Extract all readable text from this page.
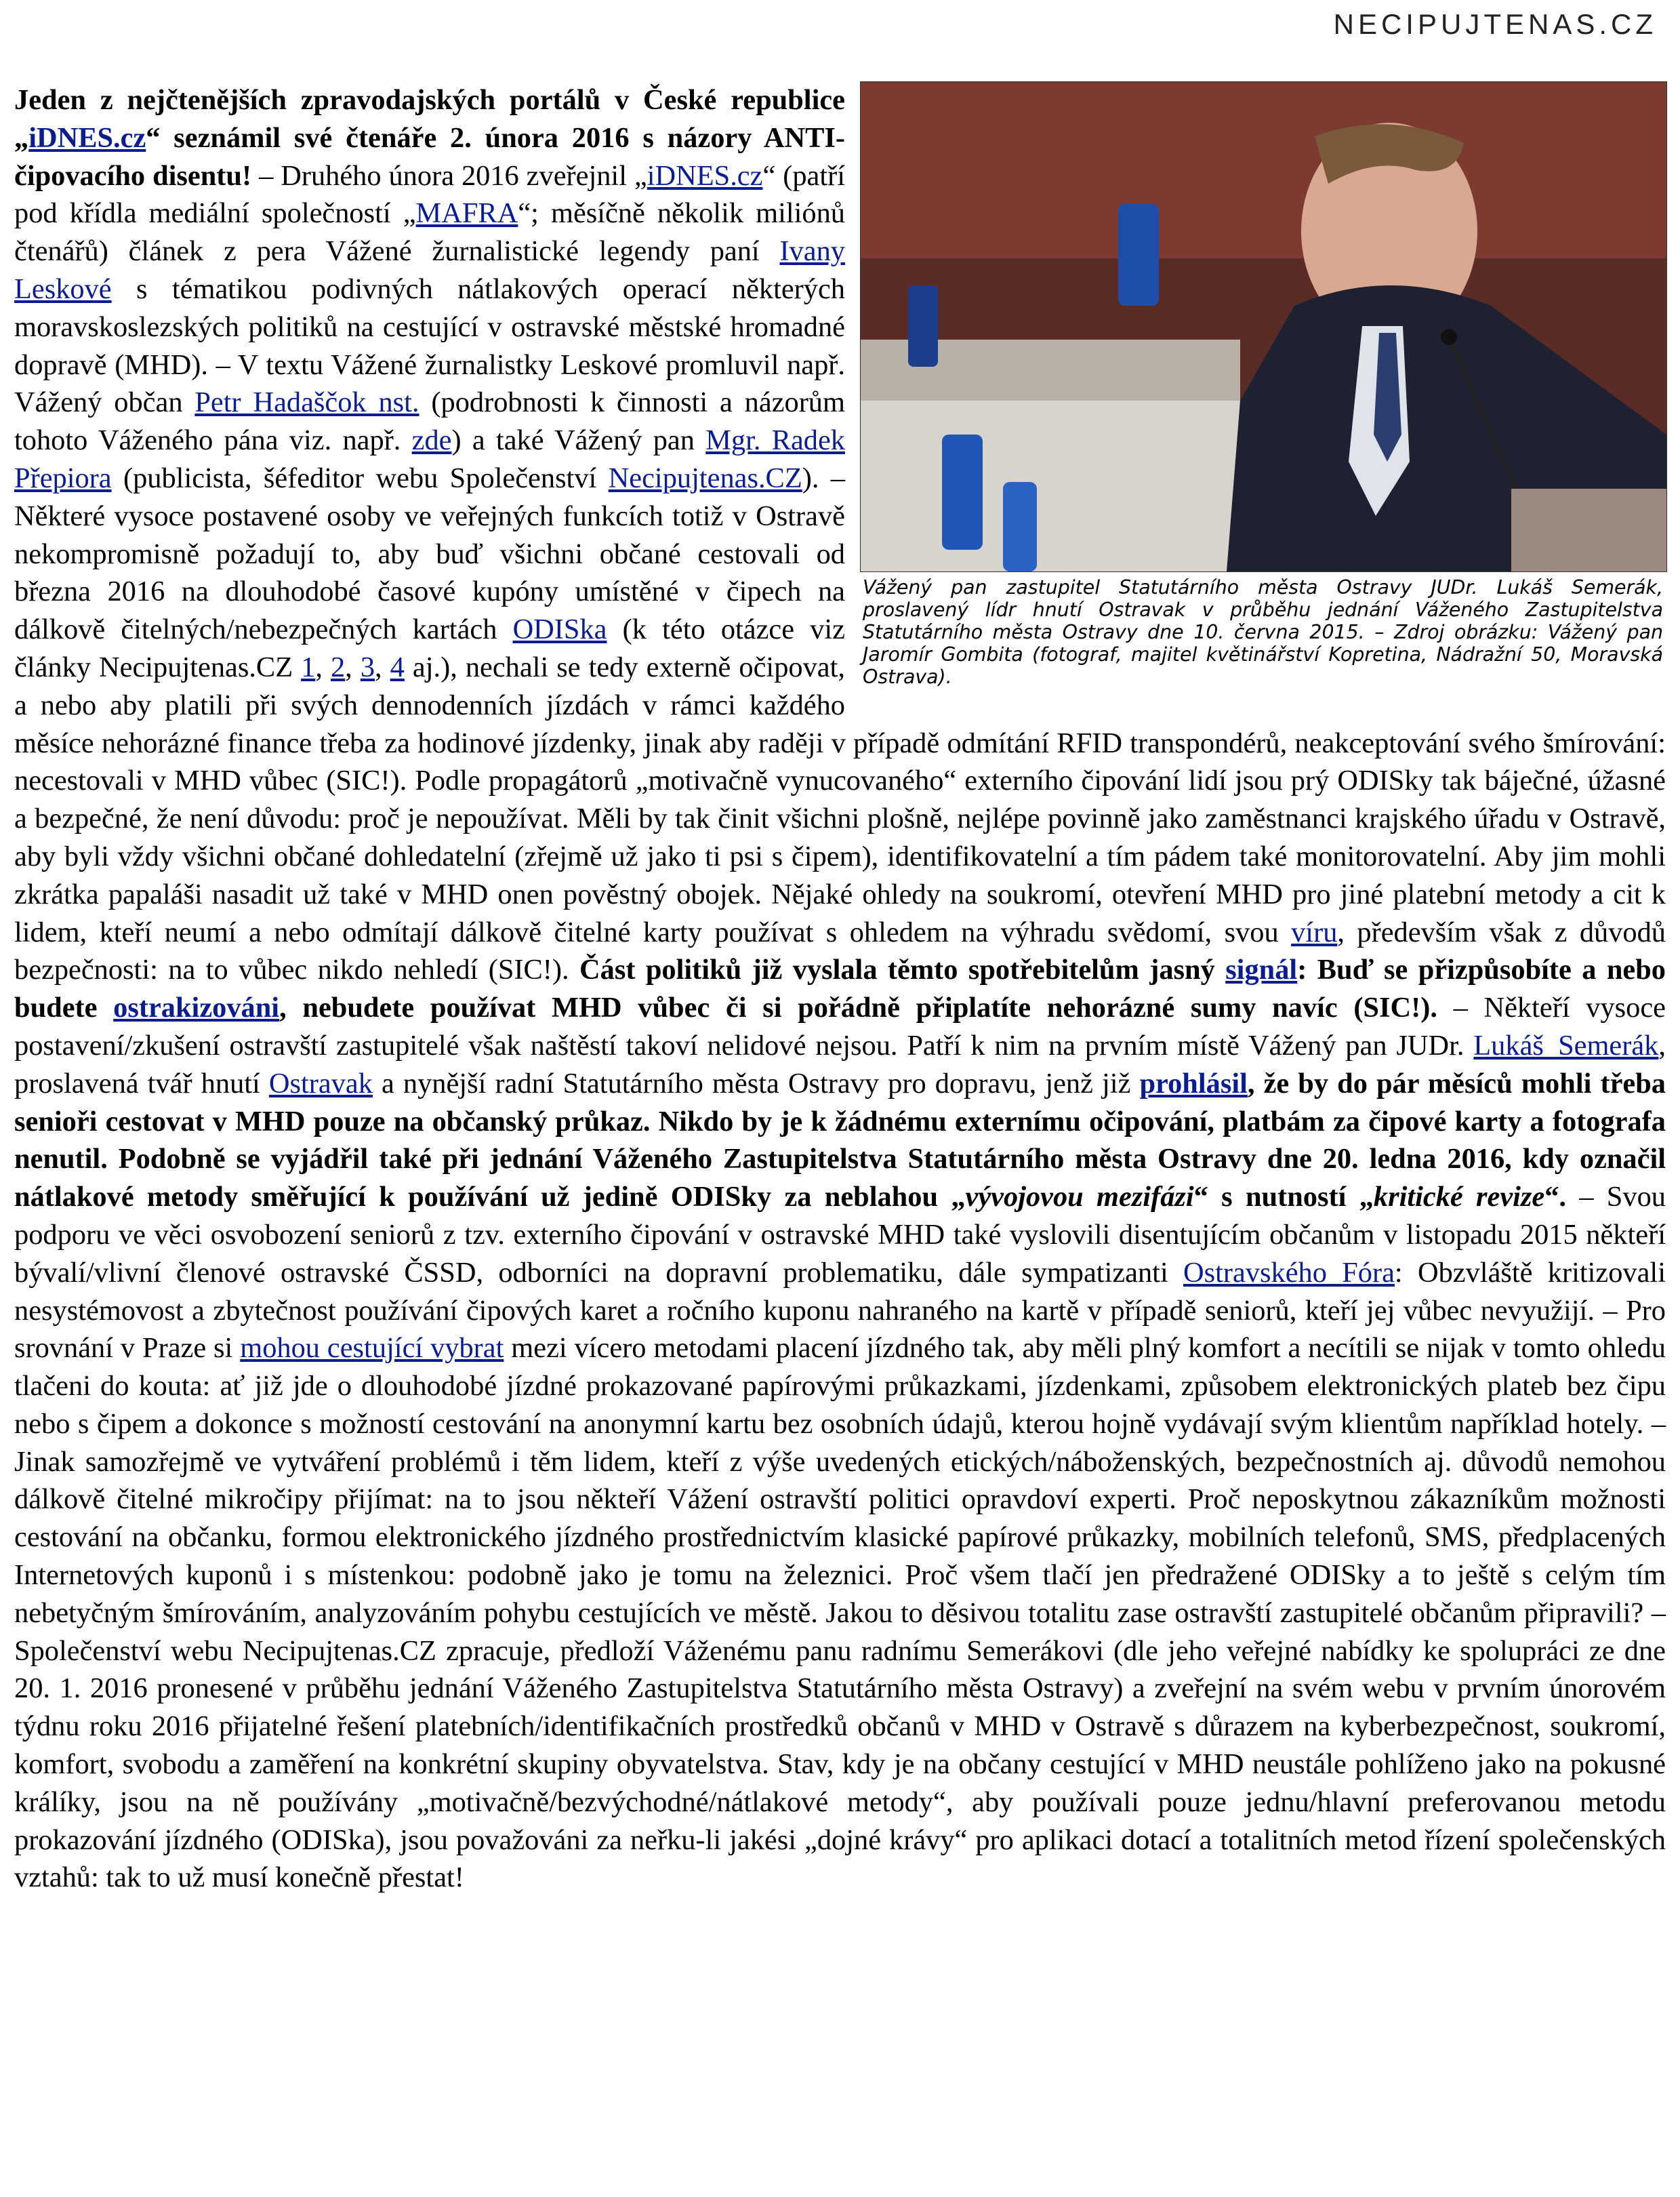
NECIPUJTENAS.CZ
Vážený pan zastupitel Statutárního města Ostravy JUDr. Lukáš Semerák, proslavený lídr hnutí Ostravak v průběhu jednání Váženého Zastupitelstva Statutárního města Ostravy dne 10. června 2015. – Zdroj obrázku: Vážený pan Jaromír Gombita (fotograf, majitel květinářství Kopretina, Nádražní 50, Moravská Ostrava).
Jeden z nejčtenějších zpravodajských portálů v České republice „iDNES.cz“ seznámil své čtenáře 2. února 2016 s názory ANTI-čipovacího disentu! – Druhého února 2016 zveřejnil „iDNES.cz“ (patří pod křídla mediální společností „MAFRA“; měsíčně několik miliónů čtenářů) článek z pera Vážené žurnalistické legendy paní Ivany Leskové s tématikou podivných nátlakových operací některých moravskoslezských politiků na cestující v ostravské městské hromadné dopravě (MHD). – V textu Vážené žurnalistky Leskové promluvil např. Vážený občan Petr Hadaščok nst. (podrobnosti k činnosti a názorům tohoto Váženého pána viz. např. zde) a také Vážený pan Mgr. Radek Přepiora (publicista, šéfeditor webu Společenství Necipujtenas.CZ). – Některé vysoce postavené osoby ve veřejných funkcích totiž v Ostravě nekompromisně požadují to, aby buď všichni občané cestovali od března 2016 na dlouhodobé časové kupóny umístěné v čipech na dálkově čitelných/nebezpečných kartách ODISka (k této otázce viz články Necipujtenas.CZ 1, 2, 3, 4 aj.), nechali se tedy externě očipovat, a nebo aby platili při svých dennodenních jízdách v rámci každého měsíce nehorázné finance třeba za hodinové jízdenky, jinak aby raději v případě odmítání RFID transpondérů, neakceptování svého šmírování: necestovali v MHD vůbec (SIC!). Podle propagátorů „motivačně vynucovaného“ externího čipování lidí jsou prý ODISky tak báječné, úžasné a bezpečné, že není důvodu: proč je nepoužívat. Měli by tak činit všichni plošně, nejlépe povinně jako zaměstnanci krajského úřadu v Ostravě, aby byli vždy všichni občané dohledatelní (zřejmě už jako ti psi s čipem), identifikovatelní a tím pádem také monitorovatelní. Aby jim mohli zkrátka papaláši nasadit už také v MHD onen pověstný obojek. Nějaké ohledy na soukromí, otevření MHD pro jiné platební metody a cit k lidem, kteří neumí a nebo odmítají dálkově čitelné karty používat s ohledem na výhradu svědomí, svou víru, především však z důvodů bezpečnosti: na to vůbec nikdo nehledí (SIC!). Část politiků již vyslala těmto spotřebitelům jasný signál: Buď se přizpůsobíte a nebo budete ostrakizováni, nebudete používat MHD vůbec či si pořádně připlatíte nehorázné sumy navíc (SIC!). – Někteří vysoce postavení/zkušení ostravští zastupitelé však naštěstí takoví nelidové nejsou. Patří k nim na prvním místě Vážený pan JUDr. Lukáš_Semerák, proslavená tvář hnutí Ostravak a nynější radní Statutárního města Ostravy pro dopravu, jenž již prohlásil, že by do pár měsíců mohli třeba senioři cestovat v MHD pouze na občanský průkaz. Nikdo by je k žádnému externímu očipování, platbám za čipové karty a fotografa nenutil. Podobně se vyjádřil také při jednání Váženého Zastupitelstva Statutárního města Ostravy dne 20. ledna 2016, kdy označil nátlakové metody směřující k používání už jedině ODISky za neblahou „vývojovou mezifázi“ s nutností „kritické revize“. – Svou podporu ve věci osvobození seniorů z tzv. externího čipování v ostravské MHD také vyslovili disentujícím občanům v listopadu 2015 někteří bývalí/vlivní členové ostravské ČSSD, odborníci na dopravní problematiku, dále sympatizanti Ostravského Fóra: Obzvláště kritizovali nesystémovost a zbytečnost používání čipových karet a ročního kuponu nahraného na kartě v případě seniorů, kteří jej vůbec nevyužijí. – Pro srovnání v Praze si mohou cestující vybrat mezi vícero metodami placení jízdného tak, aby měli plný komfort a necítili se nijak v tomto ohledu tlačeni do kouta: ať již jde o dlouhodobé jízdné prokazované papírovými průkazkami, jízdenkami, způsobem elektronických plateb bez čipu nebo s čipem a dokonce s možností cestování na anonymní kartu bez osobních údajů, kterou hojně vydávají svým klientům například hotely. – Jinak samozřejmě ve vytváření problémů i těm lidem, kteří z výše uvedených etických/náboženských, bezpečnostních aj. důvodů nemohou dálkově čitelné mikročipy přijímat: na to jsou někteří Vážení ostravští politici opravdoví experti. Proč neposkytnou zákazníkům možnosti cestování na občanku, formou elektronického jízdného prostřednictvím klasické papírové průkazky, mobilních telefonů, SMS, předplacených Internetových kuponů i s místenkou: podobně jako je tomu na železnici. Proč všem tlačí jen předražené ODISky a to ještě s celým tím nebetyčným šmírováním, analyzováním pohybu cestujících ve městě. Jakou to děsivou totalitu zase ostravští zastupitelé občanům připravili? – Společenství webu Necipujtenas.CZ zpracuje, předloží Váženému panu radnímu Semerákovi (dle jeho veřejné nabídky ke spolupráci ze dne 20. 1. 2016 pronesené v průběhu jednání Váženého Zastupitelstva Statutárního města Ostravy) a zveřejní na svém webu v prvním únorovém týdnu roku 2016 přijatelné řešení platebních/identifikačních prostředků občanů v MHD v Ostravě s důrazem na kyberbezpečnost, soukromí, komfort, svobodu a zaměření na konkrétní skupiny obyvatelstva. Stav, kdy je na občany cestující v MHD neustále pohlíženo jako na pokusné králíky, jsou na ně používány „motivačně/bezvýchodné/nátlakové metody“, aby používali pouze jednu/hlavní preferovanou metodu prokazování jízdného (ODISka), jsou považováni za neřku-li jakési „dojné krávy“ pro aplikaci dotací a totalitních metod řízení společenských vztahů: tak to už musí konečně přestat!
